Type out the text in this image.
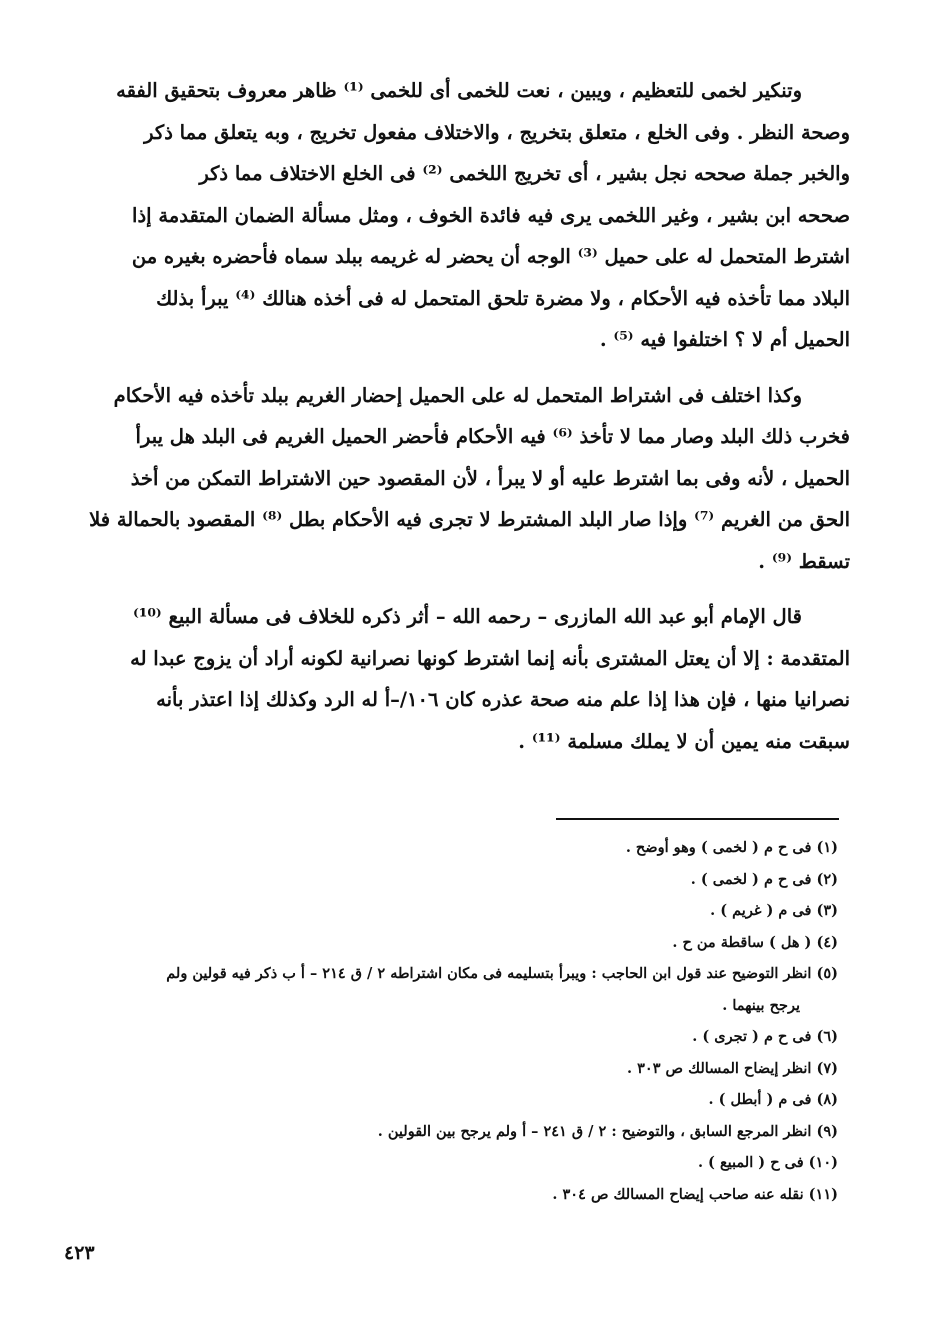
وتنكير لخمى للتعظيم ، ويبين ، نعت للخمى أى للخمى ⁽¹⁾ ظاهر معروف بتحقيق الفقه
وصحة النظر . وفى الخلع ، متعلق بتخريج ، والاختلاف مفعول تخريج ، وبه يتعلق مما ذكر
والخبر جملة صححه نجل بشير ، أى تخريج اللخمى ⁽²⁾ فى الخلع الاختلاف مما ذكر
صححه ابن بشير ، وغير اللخمى يرى فيه فائدة الخوف ، ومثل مسألة الضمان المتقدمة إذا
اشترط المتحمل له على حميل ⁽³⁾ الوجه أن يحضر له غريمه ببلد سماه فأحضره بغيره من
البلاد مما تأخذه فيه الأحكام ، ولا مضرة تلحق المتحمل له فى أخذه هنالك ⁽⁴⁾ يبرأ بذلك
الحميل أم لا ؟ اختلفوا فيه ⁽⁵⁾ .

وكذا اختلف فى اشتراط المتحمل له على الحميل إحضار الغريم ببلد تأخذه فيه الأحكام
فخرب ذلك البلد وصار مما لا تأخذ ⁽⁶⁾ فيه الأحكام فأحضر الحميل الغريم فى البلد هل يبرأ
الحميل ، لأنه وفى بما اشترط عليه أو لا يبرأ ، لأن المقصود حين الاشتراط التمكن من أخذ
الحق من الغريم ⁽⁷⁾ وإذا صار البلد المشترط لا تجرى فيه الأحكام بطل ⁽⁸⁾ المقصود بالحمالة فلا
تسقط ⁽⁹⁾ .

قال الإمام أبو عبد الله المازرى – رحمه الله – أثر ذكره للخلاف فى مسألة البيع ⁽¹⁰⁾
المتقدمة : إلا أن يعتل المشترى بأنه إنما اشترط كونها نصرانية لكونه أراد أن يزوج عبدا له
نصرانيا منها ، فإن هذا إذا علم منه صحة عذره كان ١٠٦/–أ له الرد وكذلك إذا اعتذر بأنه
سبقت منه يمين أن لا يملك مسلمة ⁽¹¹⁾ .

(١) فى ح م ( لخمى ) وهو أوضح .

(٢) فى ح م ( لخمى ) .

(٣) فى م ( غريم ) .

(٤) ( هل ) ساقطة من ح .

(٥) انظر التوضيح عند قول ابن الحاجب : ويبرأ بتسليمه فى مكان اشتراطه ٢ / ق ٢١٤ – أ ب ذكر فيه قولين ولم

يرجح بينهما .

(٦) فى ح م ( تجرى ) .

(٧) انظر إيضاح المسالك ص ٣٠٣ .

(٨) فى م ( أبطل ) .

(٩) انظر المرجع السابق ، والتوضيح : ٢ / ق ٢٤١ – أ ولم يرجح بين القولين .

(١٠) فى ح ( المبيع ) .

(١١) نقله عنه صاحب إيضاح المسالك ص ٣٠٤ .

٤٢٣
